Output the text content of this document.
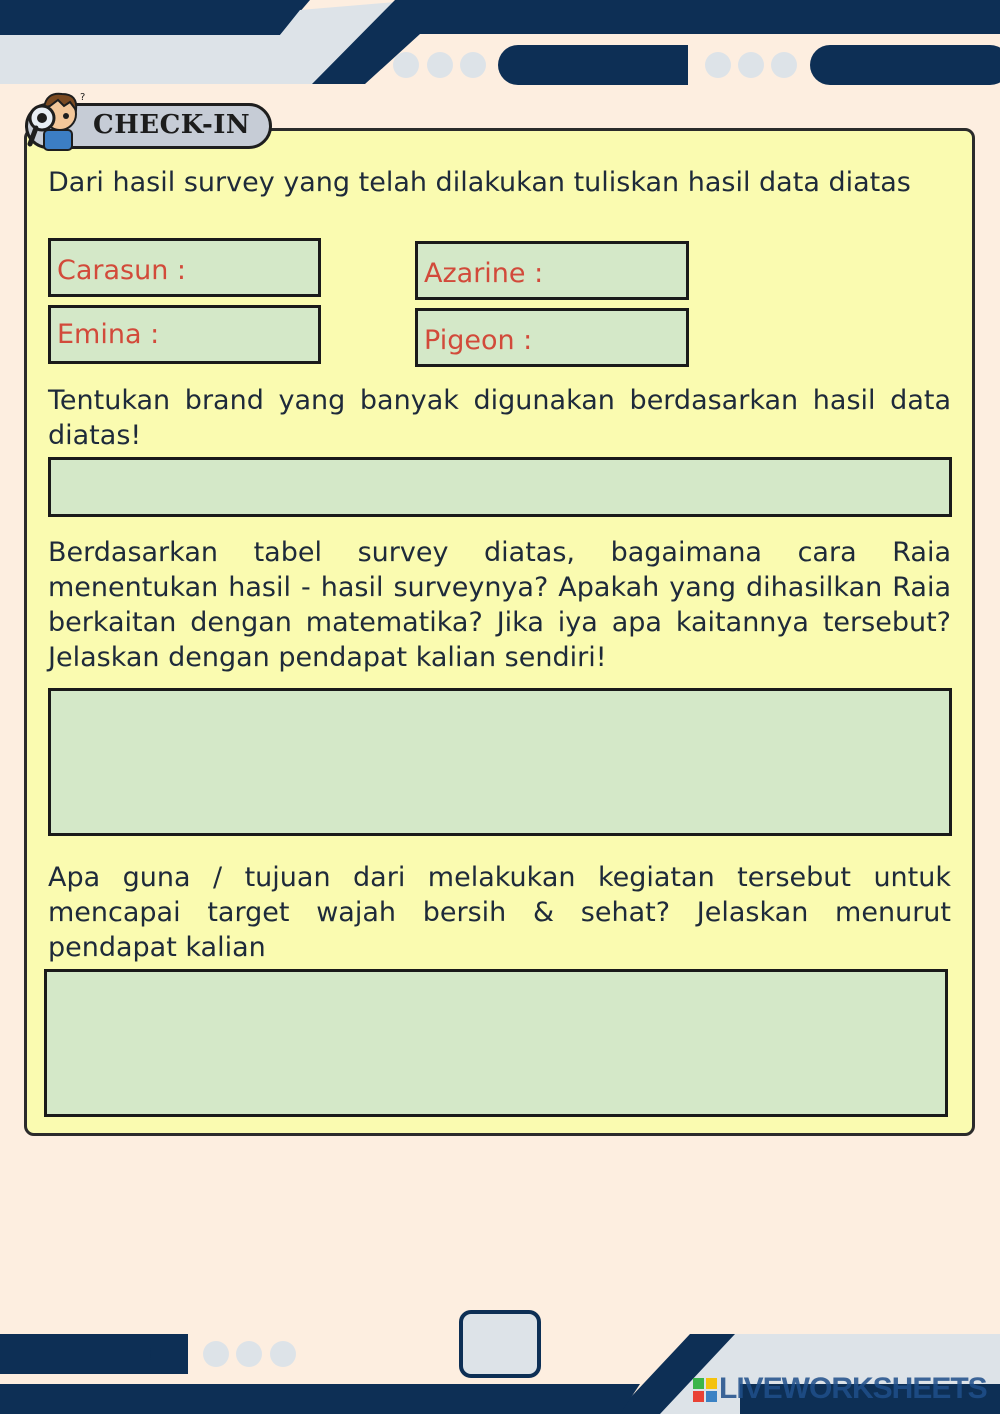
CHECK-IN
?
Dari hasil survey yang telah dilakukan tuliskan hasil data diatas
Carasun :	Azarine :
Emina :	Pigeon :
Tentukan brand yang banyak digunakan berdasarkan hasil data diatas!
Berdasarkan tabel survey diatas, bagaimana cara Raia menentukan hasil - hasil surveynya? Apakah yang dihasilkan Raia berkaitan dengan matematika? Jika iya apa kaitannya tersebut? Jelaskan dengan pendapat kalian sendiri!
Apa guna / tujuan dari melakukan kegiatan tersebut untuk mencapai target wajah bersih & sehat? Jelaskan menurut pendapat kalian
LIVEWORKSHEETS
